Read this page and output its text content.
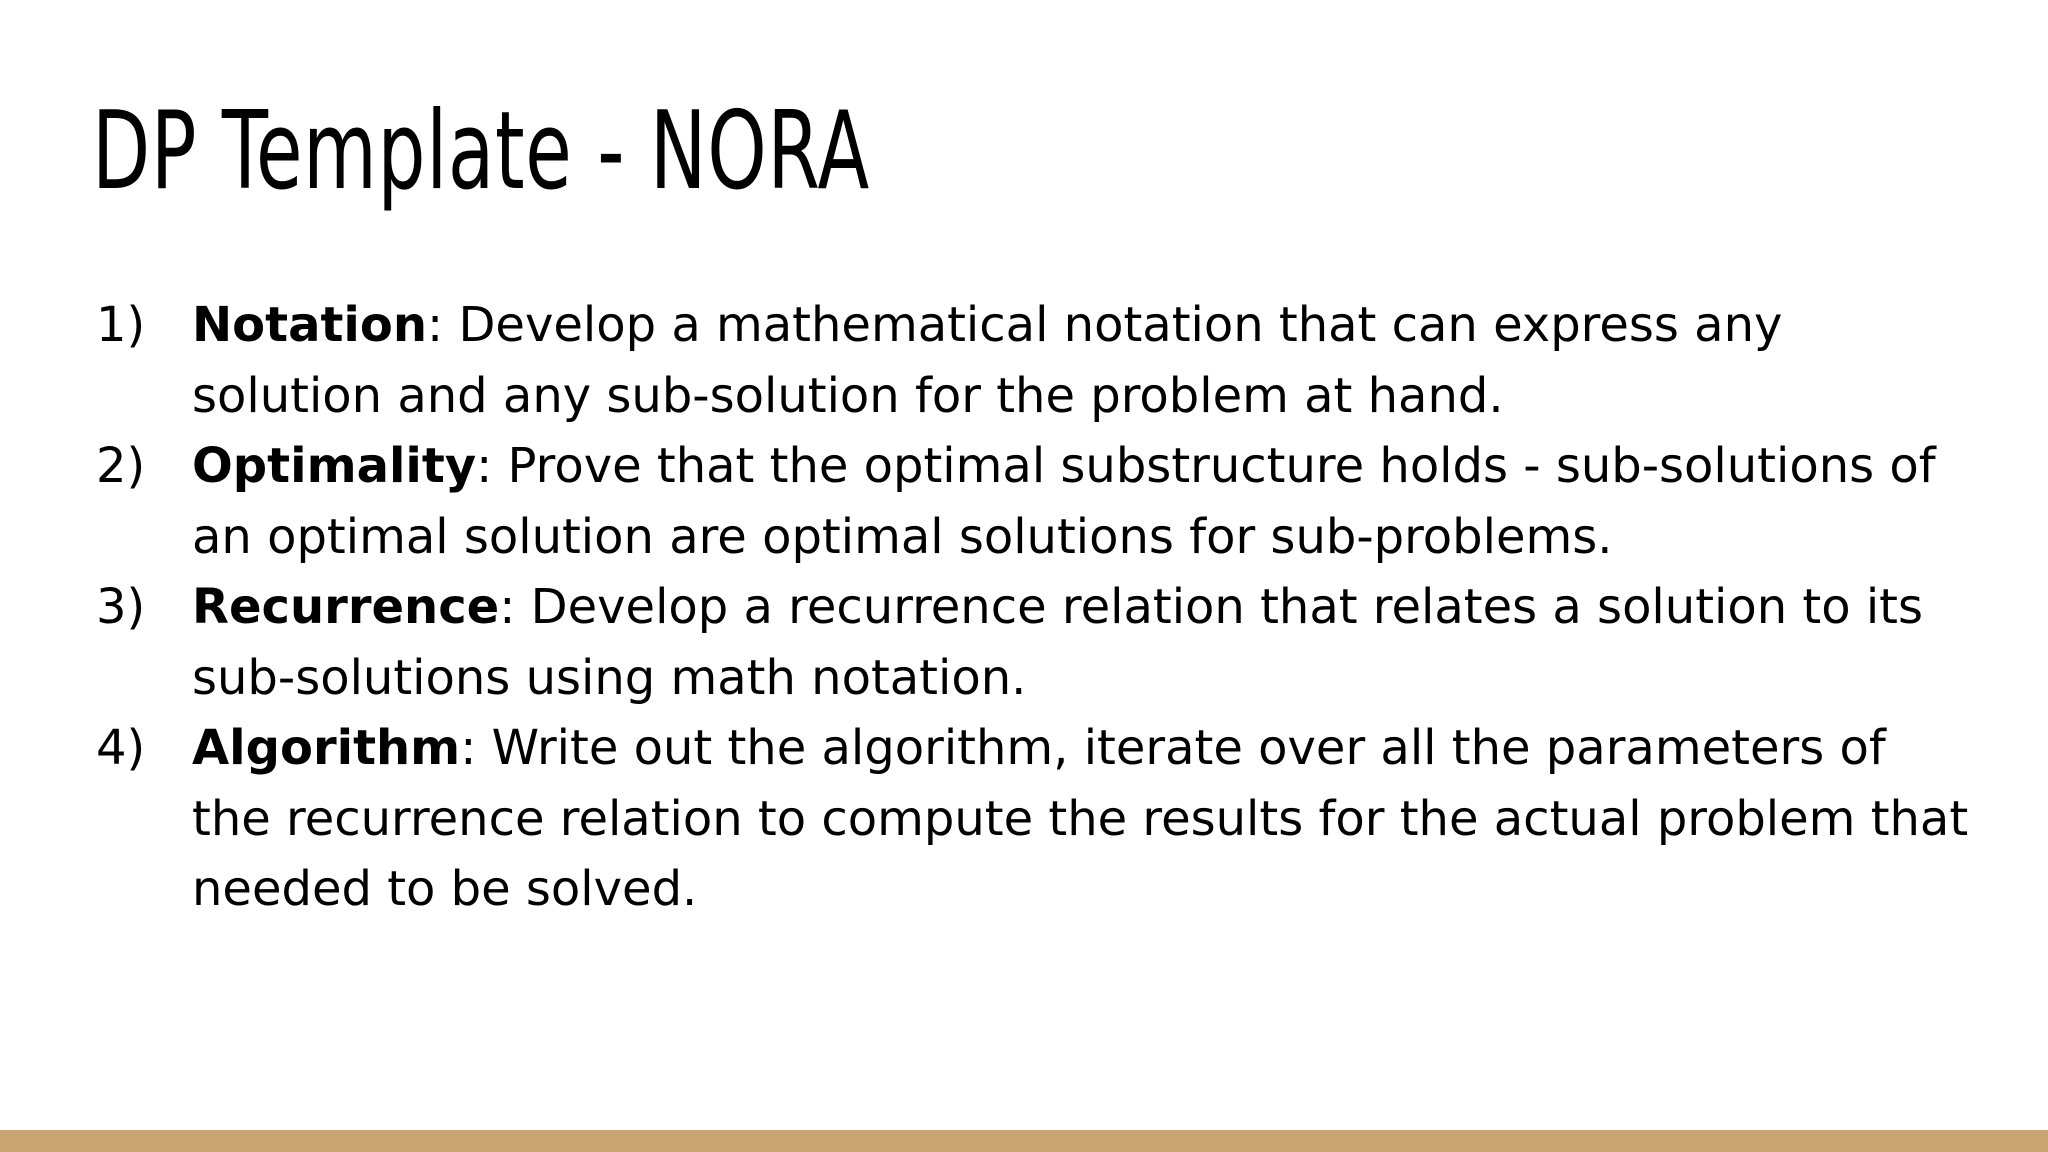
DP Template - NORA
1) Notation: Develop a mathematical notation that can express any solution and any sub-solution for the problem at hand.
2) Optimality: Prove that the optimal substructure holds - sub-solutions of an optimal solution are optimal solutions for sub-problems.
3) Recurrence: Develop a recurrence relation that relates a solution to its sub-solutions using math notation.
4) Algorithm: Write out the algorithm, iterate over all the parameters of the recurrence relation to compute the results for the actual problem that needed to be solved.
